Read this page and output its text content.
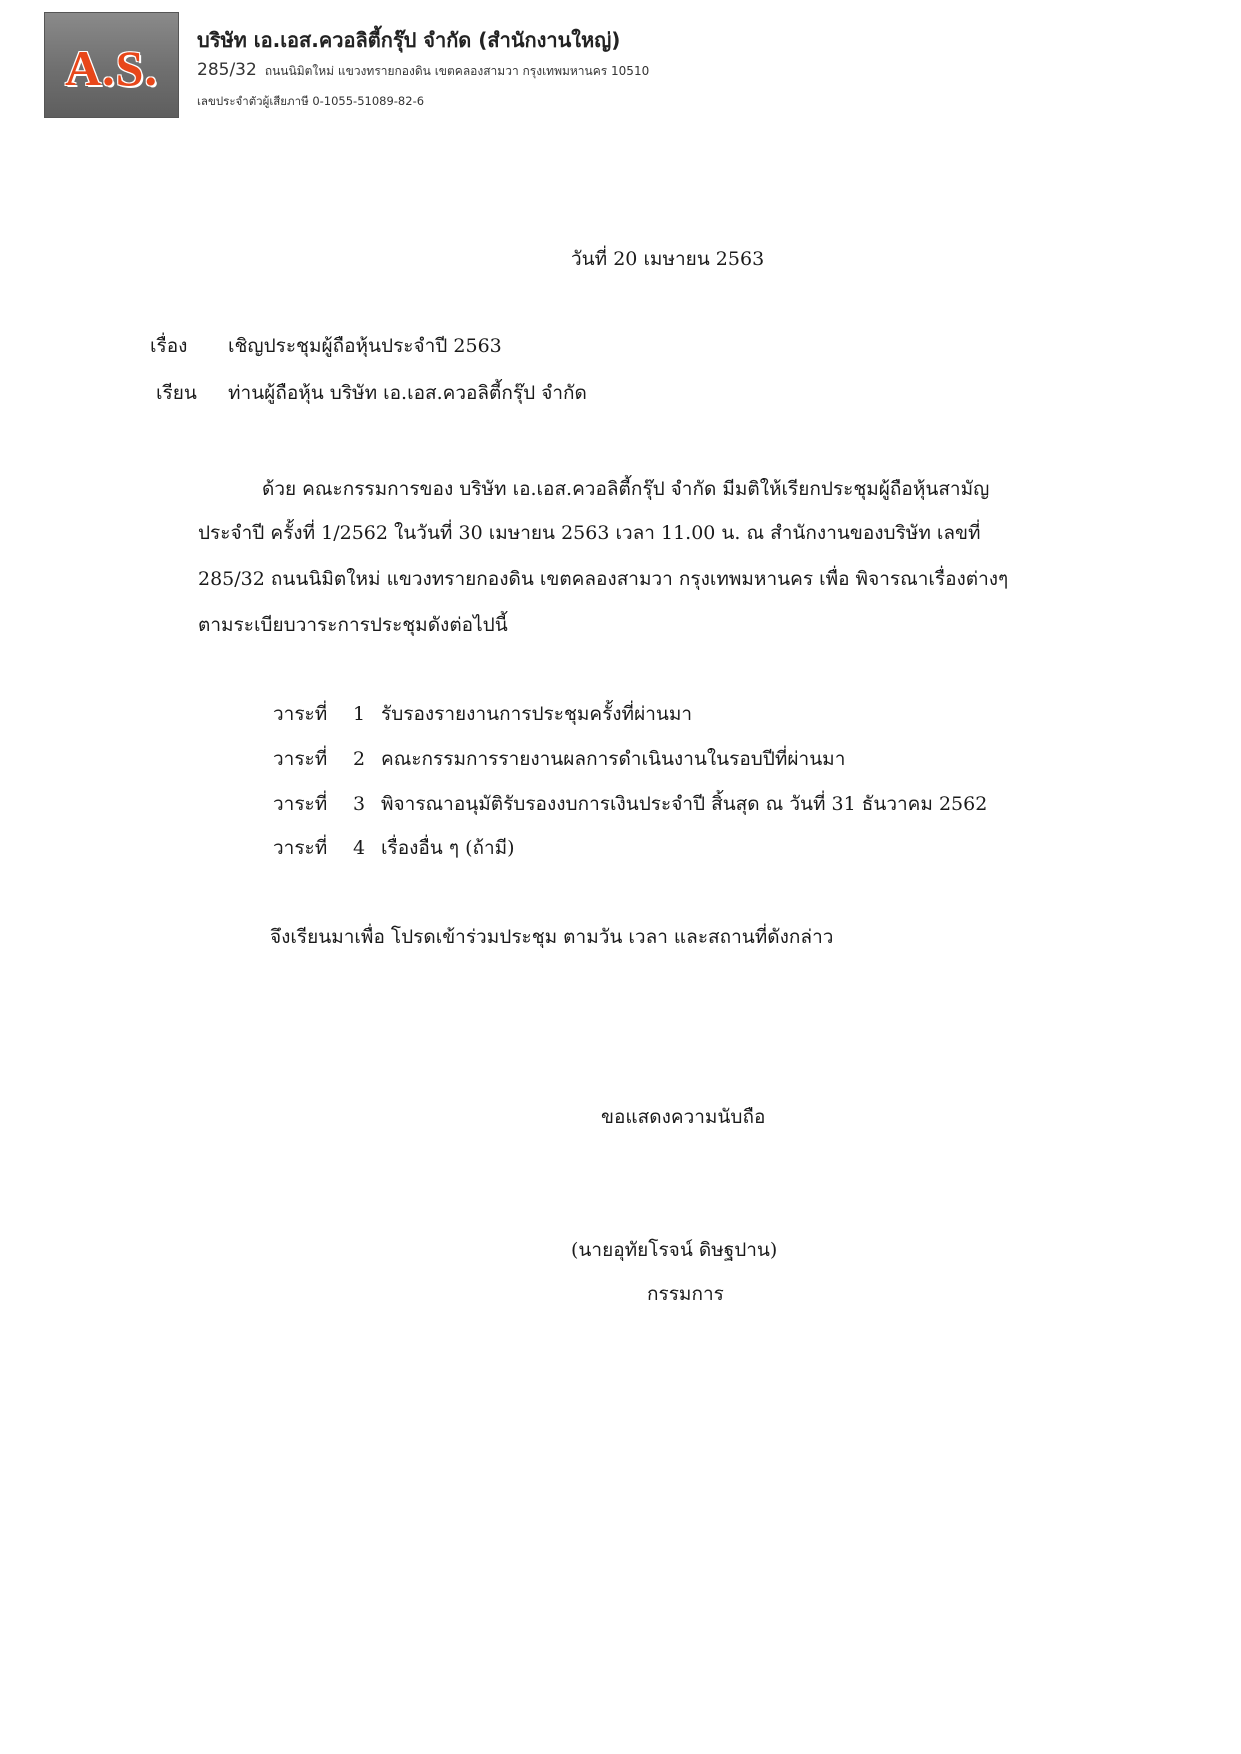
A.S.	บริษัท เอ.เอส.ควอลิตี้กรุ๊ป จำกัด (สำนักงานใหญ่)
285/32 ถนนนิมิตใหม่ แขวงทรายกองดิน เขตคลองสามวา กรุงเทพมหานคร 10510
เลขประจำตัวผู้เสียภาษี 0-1055-51089-82-6
วันที่ 20 เมษายน 2563
เรื่อง เชิญประชุมผู้ถือหุ้นประจำปี 2563
เรียน ท่านผู้ถือหุ้น บริษัท เอ.เอส.ควอลิตี้กรุ๊ป จำกัด
ด้วย คณะกรรมการของ บริษัท เอ.เอส.ควอลิตี้กรุ๊ป จำกัด มีมติให้เรียกประชุมผู้ถือหุ้นสามัญ
ประจำปี ครั้งที่ 1/2562 ในวันที่ 30 เมษายน 2563 เวลา 11.00 น. ณ สำนักงานของบริษัท เลขที่
285/32 ถนนนิมิตใหม่ แขวงทรายกองดิน เขตคลองสามวา กรุงเทพมหานคร เพื่อ พิจารณาเรื่องต่างๆ
ตามระเบียบวาระการประชุมดังต่อไปนี้
วาระที่ 1 รับรองรายงานการประชุมครั้งที่ผ่านมา
วาระที่ 2 คณะกรรมการรายงานผลการดำเนินงานในรอบปีที่ผ่านมา
วาระที่ 3 พิจารณาอนุมัติรับรองงบการเงินประจำปี สิ้นสุด ณ วันที่ 31 ธันวาคม 2562
วาระที่ 4 เรื่องอื่น ๆ (ถ้ามี)
จึงเรียนมาเพื่อ โปรดเข้าร่วมประชุม ตามวัน เวลา และสถานที่ดังกล่าว
ขอแสดงความนับถือ
(นายอุทัยโรจน์ ดิษฐปาน)
กรรมการ
